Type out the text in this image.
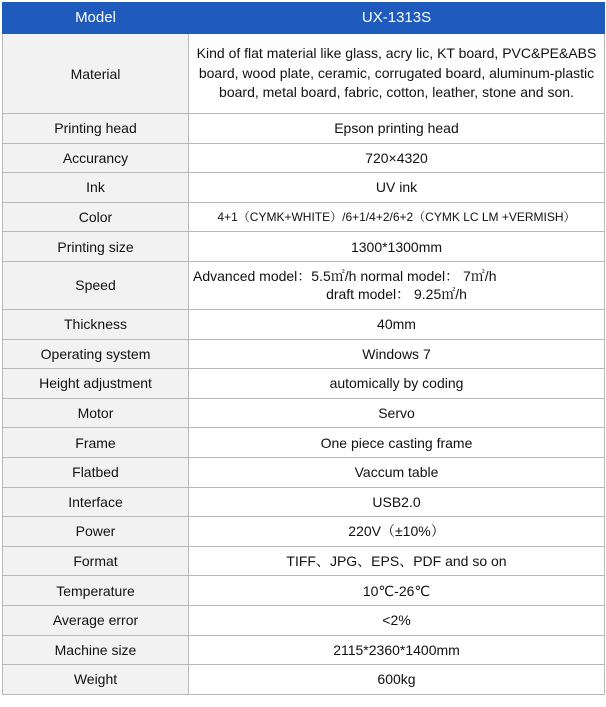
Model	UX-1313S
Material	Kind of flat material like glass, acry lic, KT board, PVC&PE&ABS board, wood plate, ceramic, corrugated board, aluminum-plastic board, metal board, fabric, cotton, leather, stone and son.

Printing head	Epson printing head
Accurancy	720×4320
Ink	UV ink
Color	4+1（CYMK+WHITE）/6+1/4+2/6+2（CYMK LC LM +VERMISH）
Printing size	1300*1300mm
Speed	Advanced model：5.5㎡/h normal model： 7㎡/h
draft model： 9.25㎡/h

Thickness	40mm
Operating system	Windows 7
Height adjustment	automically by coding
Motor	Servo
Frame	One piece casting frame
Flatbed	Vaccum table
Interface	USB2.0
Power	220V（±10%）
Format	TIFF、JPG、EPS、PDF and so on
Temperature	10℃-26℃
Average error	<2%
Machine size	2115*2360*1400mm
Weight	600kg
